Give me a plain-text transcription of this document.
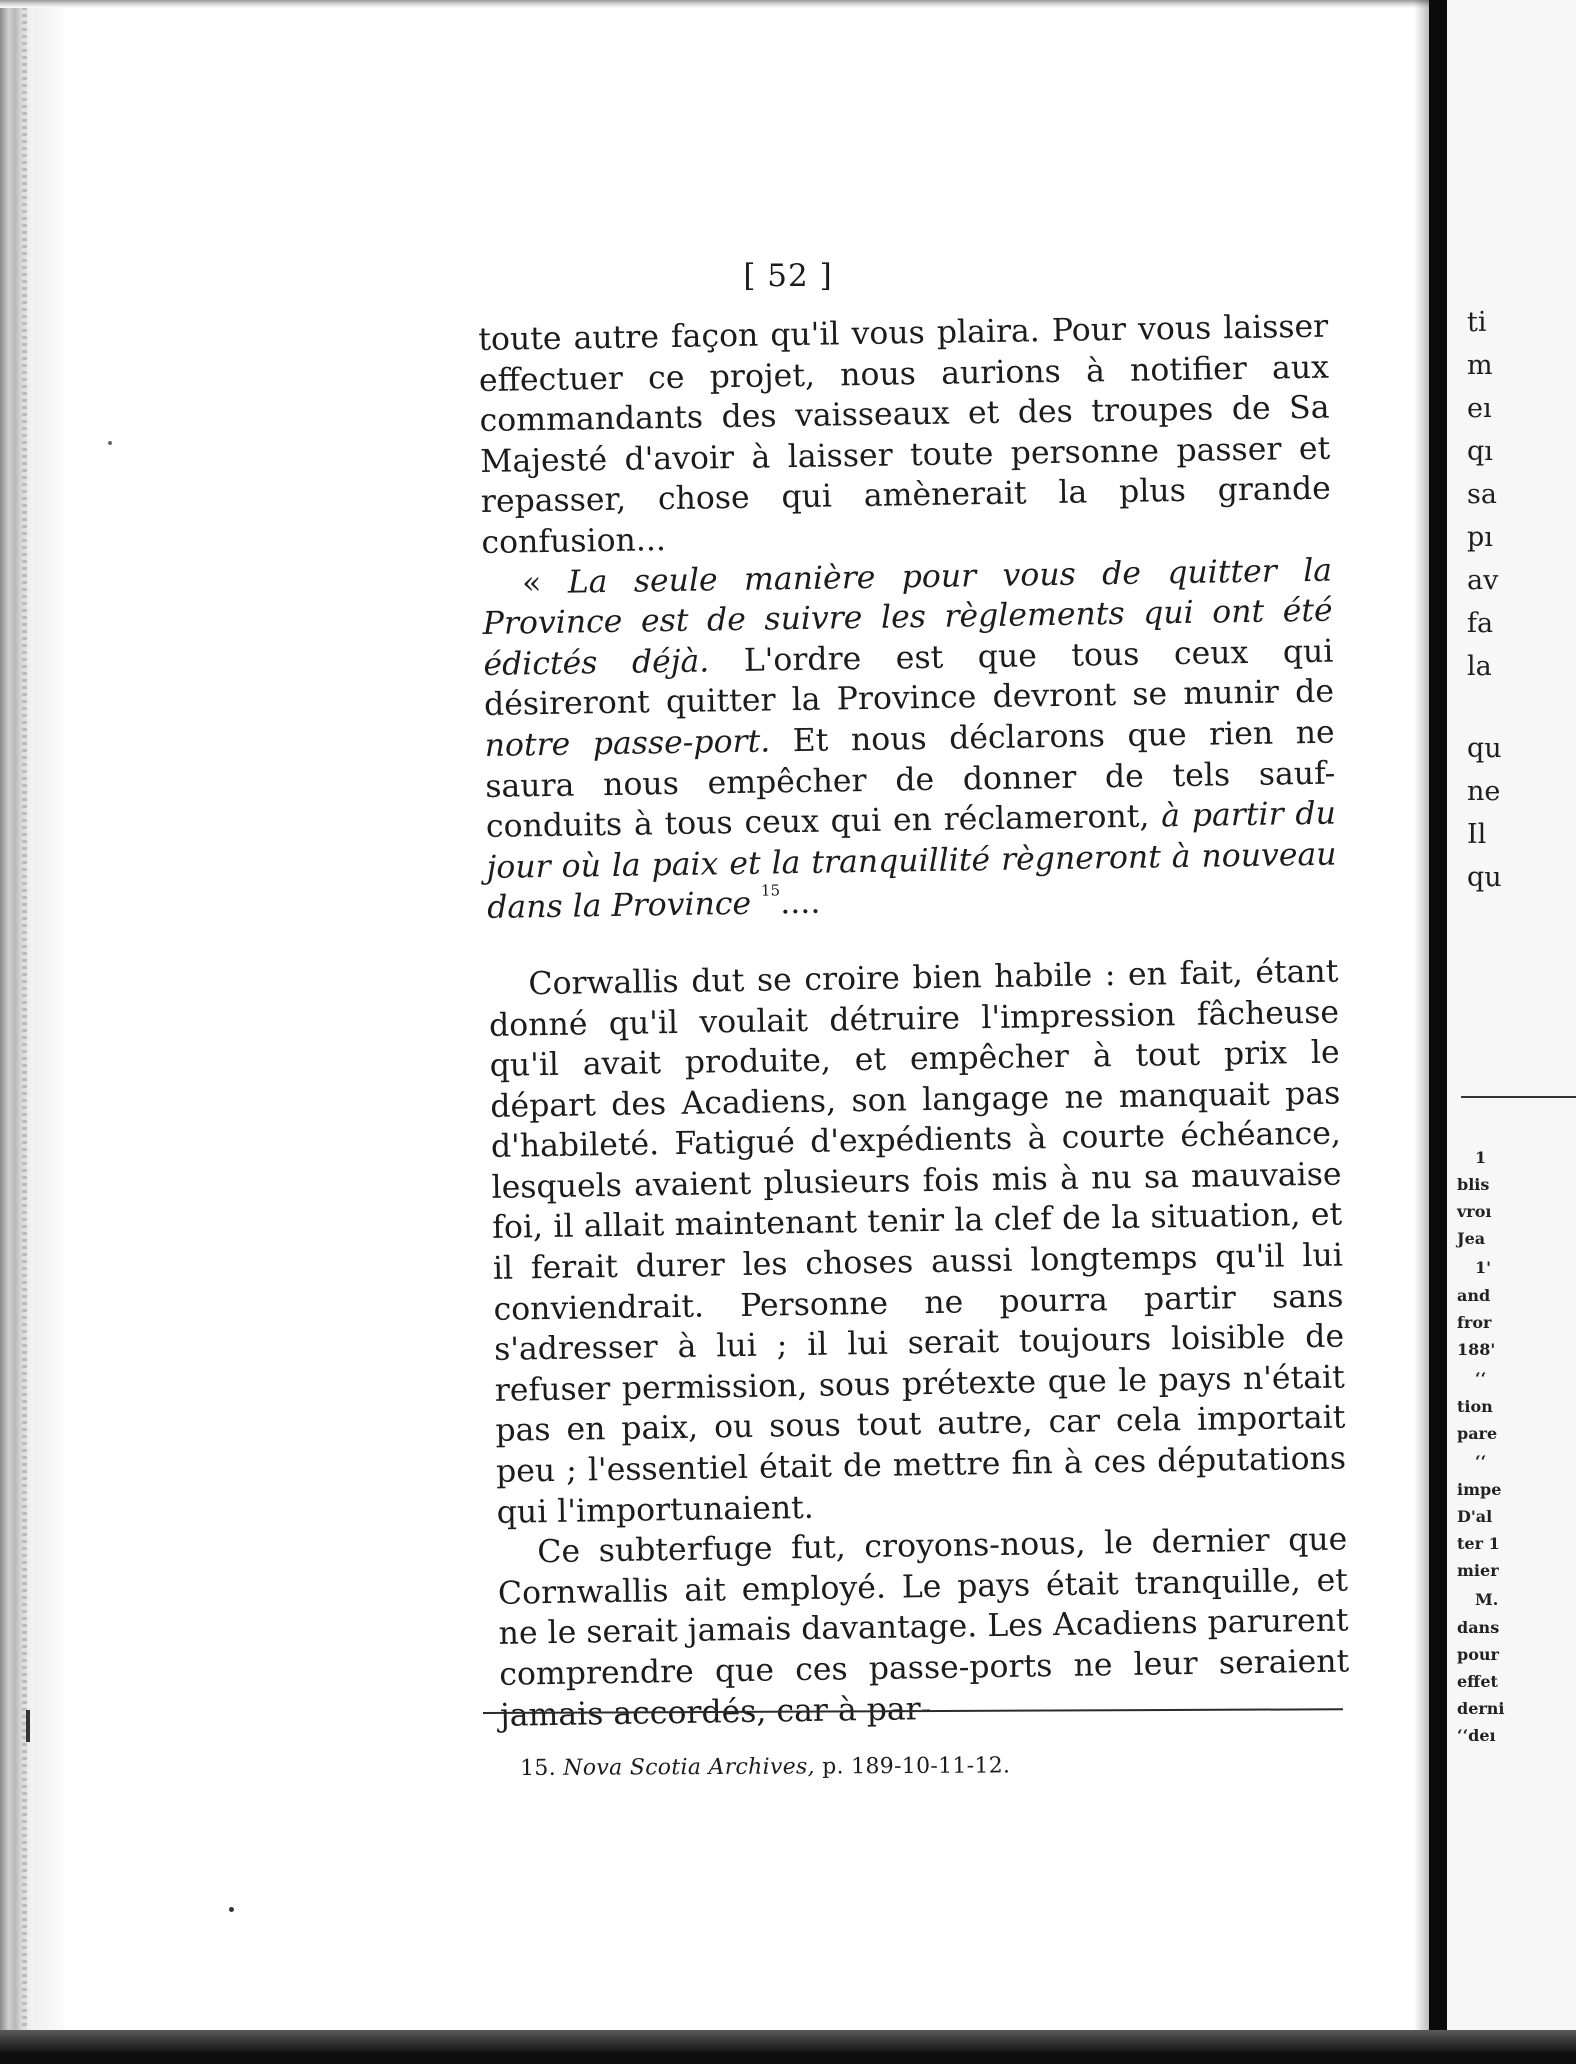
ti
m
eı
qı
sa
pı
av
fa
la
qu
ne
Il
qu
1
blis
vroı
Jea
1'
and
fror
188'
‘‘
tion
pare
‘‘
impe
D'al
ter 1
mier
M.
dans
pour
effet
derni
‘‘deı
[ 52 ]

toute autre façon qu'il vous plaira. Pour vous laisser effectuer ce projet, nous aurions à notifier aux commandants des vaisseaux et des troupes de Sa Majesté d'avoir à laisser toute personne passer et repasser, chose qui amènerait la plus grande confusion...

« La seule manière pour vous de quitter la Province est de suivre les règlements qui ont été édictés déjà. L'ordre est que tous ceux qui désireront quitter la Province devront se munir de notre passe-port. Et nous déclarons que rien ne saura nous empêcher de donner de tels sauf-conduits à tous ceux qui en réclameront, à partir du jour où la paix et la tranquillité règneront à nouveau dans la Province $^{15}$....

Corwallis dut se croire bien habile : en fait, étant donné qu'il voulait détruire l'impression fâcheuse qu'il avait produite, et empêcher à tout prix le départ des Acadiens, son langage ne manquait pas d'habileté. Fatigué d'expédients à courte échéance, lesquels avaient plusieurs fois mis à nu sa mauvaise foi, il allait maintenant tenir la clef de la situation, et il ferait durer les choses aussi longtemps qu'il lui conviendrait. Personne ne pourra partir sans s'adresser à lui ; il lui serait toujours loisible de refuser permission, sous prétexte que le pays n'était pas en paix, ou sous tout autre, car cela importait peu ; l'essentiel était de mettre fin à ces députations qui l'importunaient.

Ce subterfuge fut, croyons-nous, le dernier que Cornwallis ait employé. Le pays était tranquille, et ne le serait jamais davantage. Les Acadiens parurent comprendre que ces passe-ports ne leur seraient jamais accordés, car à par-

15. Nova Scotia Archives, p. 189-10-11-12.
